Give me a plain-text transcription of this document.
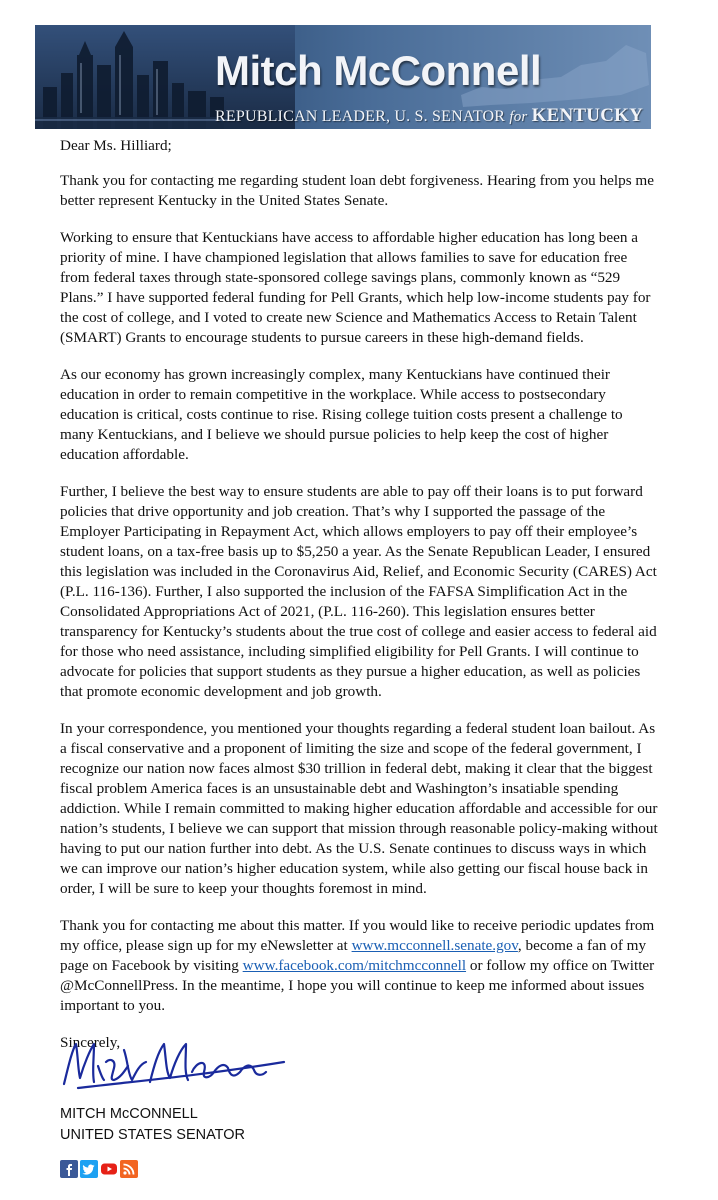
Mitch McConnell
REPUBLICAN LEADER, U. S. SENATOR for KENTUCKY

Dear Ms. Hilliard;

Thank you for contacting me regarding student loan debt forgiveness. Hearing from you helps me better represent Kentucky in the United States Senate.

Working to ensure that Kentuckians have access to affordable higher education has long been a priority of mine. I have championed legislation that allows families to save for education free from federal taxes through state-sponsored college savings plans, commonly known as “529 Plans.” I have supported federal funding for Pell Grants, which help low-income students pay for the cost of college, and I voted to create new Science and Mathematics Access to Retain Talent (SMART) Grants to encourage students to pursue careers in these high-demand fields.

As our economy has grown increasingly complex, many Kentuckians have continued their education in order to remain competitive in the workplace. While access to postsecondary education is critical, costs continue to rise. Rising college tuition costs present a challenge to many Kentuckians, and I believe we should pursue policies to help keep the cost of higher education affordable.

Further, I believe the best way to ensure students are able to pay off their loans is to put forward policies that drive opportunity and job creation. That’s why I supported the passage of the Employer Participating in Repayment Act, which allows employers to pay off their employee’s student loans, on a tax-free basis up to $5,250 a year. As the Senate Republican Leader, I ensured this legislation was included in the Coronavirus Aid, Relief, and Economic Security (CARES) Act (P.L. 116-136). Further, I also supported the inclusion of the FAFSA Simplification Act in the Consolidated Appropriations Act of 2021, (P.L. 116-260). This legislation ensures better transparency for Kentucky’s students about the true cost of college and easier access to federal aid for those who need assistance, including simplified eligibility for Pell Grants. I will continue to advocate for policies that support students as they pursue a higher education, as well as policies that promote economic development and job growth.

In your correspondence, you mentioned your thoughts regarding a federal student loan bailout. As a fiscal conservative and a proponent of limiting the size and scope of the federal government, I recognize our nation now faces almost $30 trillion in federal debt, making it clear that the biggest fiscal problem America faces is an unsustainable debt and Washington’s insatiable spending addiction. While I remain committed to making higher education affordable and accessible for our nation’s students, I believe we can support that mission through reasonable policy-making without having to put our nation further into debt. As the U.S. Senate continues to discuss ways in which we can improve our nation’s higher education system, while also getting our fiscal house back in order, I will be sure to keep your thoughts foremost in mind.

Thank you for contacting me about this matter. If you would like to receive periodic updates from my office, please sign up for my eNewsletter at www.mcconnell.senate.gov, become a fan of my page on Facebook by visiting www.facebook.com/mitchmcconnell or follow my office on Twitter @McConnellPress. In the meantime, I hope you will continue to keep me informed about issues important to you.

Sincerely,

MITCH McCONNELL
UNITED STATES SENATOR
